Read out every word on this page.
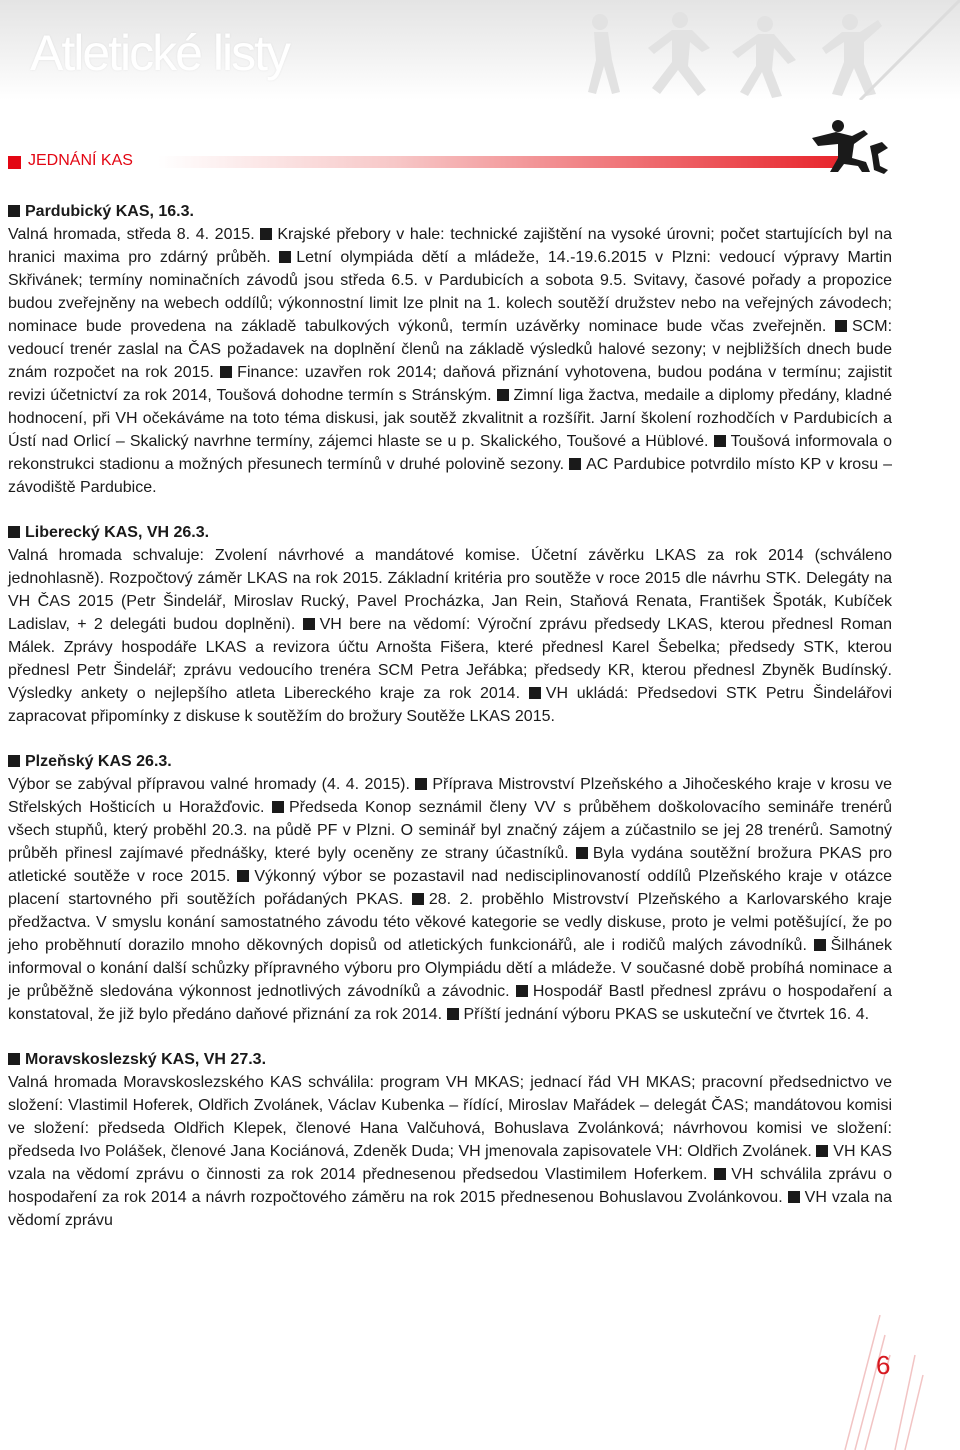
Atletické listy
JEDNÁNÍ KAS
Pardubický KAS, 16.3.
Valná hromada, středa 8. 4. 2015. Krajské přebory v hale: technické zajištění na vysoké úrovni; počet startujících byl na hranici maxima pro zdárný průběh. Letní olympiáda dětí a mládeže, 14.-19.6.2015 v Plzni: vedoucí výpravy Martin Skřivánek; termíny nominačních závodů jsou středa 6.5. v Pardubicích a sobota 9.5. Svitavy, časové pořady a propozice budou zveřejněny na webech oddílů; výkonnostní limit lze plnit na 1. kolech soutěží družstev nebo na veřejných závodech; nominace bude provedena na základě tabulkových výkonů, termín uzávěrky nominace bude včas zveřejněn. SCM: vedoucí trenér zaslal na ČAS požadavek na doplnění členů na základě výsledků halové sezony; v nejbližších dnech bude znám rozpočet na rok 2015. Finance: uzavřen rok 2014; daňová přiznání vyhotovena, budou podána v termínu; zajistit revizi účetnictví za rok 2014, Toušová dohodne termín s Stránským. Zimní liga žactva, medaile a diplomy předány, kladné hodnocení, při VH očekáváme na toto téma diskusi, jak soutěž zkvalitnit a rozšířit. Jarní školení rozhodčích v Pardubicích a Ústí nad Orlicí – Skalický navrhne termíny, zájemci hlaste se u p. Skalického, Toušové a Hüblové. Toušová informovala o rekonstrukci stadionu a možných přesunech termínů v druhé polovině sezony. AC Pardubice potvrdilo místo KP v krosu – závodiště Pardubice.
Liberecký KAS, VH 26.3.
Valná hromada schvaluje: Zvolení návrhové a mandátové komise. Účetní závěrku LKAS za rok 2014 (schváleno jednohlasně). Rozpočtový záměr LKAS na rok 2015. Základní kritéria pro soutěže v roce 2015 dle návrhu STK. Delegáty na VH ČAS 2015 (Petr Šindelář, Miroslav Rucký, Pavel Procházka, Jan Rein, Staňová Renata, František Špoták, Kubíček Ladislav, + 2 delegáti budou doplněni). VH bere na vědomí: Výroční zprávu předsedy LKAS, kterou přednesl Roman Málek. Zprávy hospodáře LKAS a revizora účtu Arnošta Fišera, které přednesl Karel Šebelka; předsedy STK, kterou přednesl Petr Šindelář; zprávu vedoucího trenéra SCM Petra Jeřábka; předsedy KR, kterou přednesl Zbyněk Budínský. Výsledky ankety o nejlepšího atleta Libereckého kraje za rok 2014. VH ukládá: Předsedovi STK Petru Šindelářovi zapracovat připomínky z diskuse k soutěžím do brožury Soutěže LKAS 2015.
Plzeňský KAS 26.3.
Výbor se zabýval přípravou valné hromady (4. 4. 2015). Příprava Mistrovství Plzeňského a Jihočeského kraje v krosu ve Střelských Hošticích u Horažďovic. Předseda Konop seznámil členy VV s průběhem doškolovacího semináře trenérů všech stupňů, který proběhl 20.3. na půdě PF v Plzni. O seminář byl značný zájem a zúčastnilo se jej 28 trenérů. Samotný průběh přinesl zajímavé přednášky, které byly oceněny ze strany účastníků. Byla vydána soutěžní brožura PKAS pro atletické soutěže v roce 2015. Výkonný výbor se pozastavil nad nedisciplinovaností oddílů Plzeňského kraje v otázce placení startovného při soutěžích pořádaných PKAS. 28. 2. proběhlo Mistrovství Plzeňského a Karlovarského kraje předžactva. V smyslu konání samostatného závodu této věkové kategorie se vedly diskuse, proto je velmi potěšující, že po jeho proběhnutí dorazilo mnoho děkovných dopisů od atletických funkcionářů, ale i rodičů malých závodníků. Šilhánek informoval o konání další schůzky přípravného výboru pro Olympiádu dětí a mládeže. V současné době probíhá nominace a je průběžně sledována výkonnost jednotlivých závodníků a závodnic. Hospodář Bastl přednesl zprávu o hospodaření a konstatoval, že již bylo předáno daňové přiznání za rok 2014. Příští jednání výboru PKAS se uskuteční ve čtvrtek 16. 4.
Moravskoslezský KAS, VH 27.3.
Valná hromada Moravskoslezského KAS schválila: program VH MKAS; jednací řád VH MKAS; pracovní předsednictvo ve složení: Vlastimil Hoferek, Oldřich Zvolánek, Václav Kubenka – řídící, Miroslav Mařádek – delegát ČAS; mandátovou komisi ve složení: předseda Oldřich Klepek, členové Hana Valčuhová, Bohuslava Zvolánková; návrhovou komisi ve složení: předseda Ivo Polášek, členové Jana Kociánová, Zdeněk Duda; VH jmenovala zapisovatele VH: Oldřich Zvolánek. VH KAS vzala na vědomí zprávu o činnosti za rok 2014 přednesenou předsedou Vlastimilem Hoferkem. VH schválila zprávu o hospodaření za rok 2014 a návrh rozpočtového záměru na rok 2015 přednesenou Bohuslavou Zvolánkovou. VH vzala na vědomí zprávu
6
